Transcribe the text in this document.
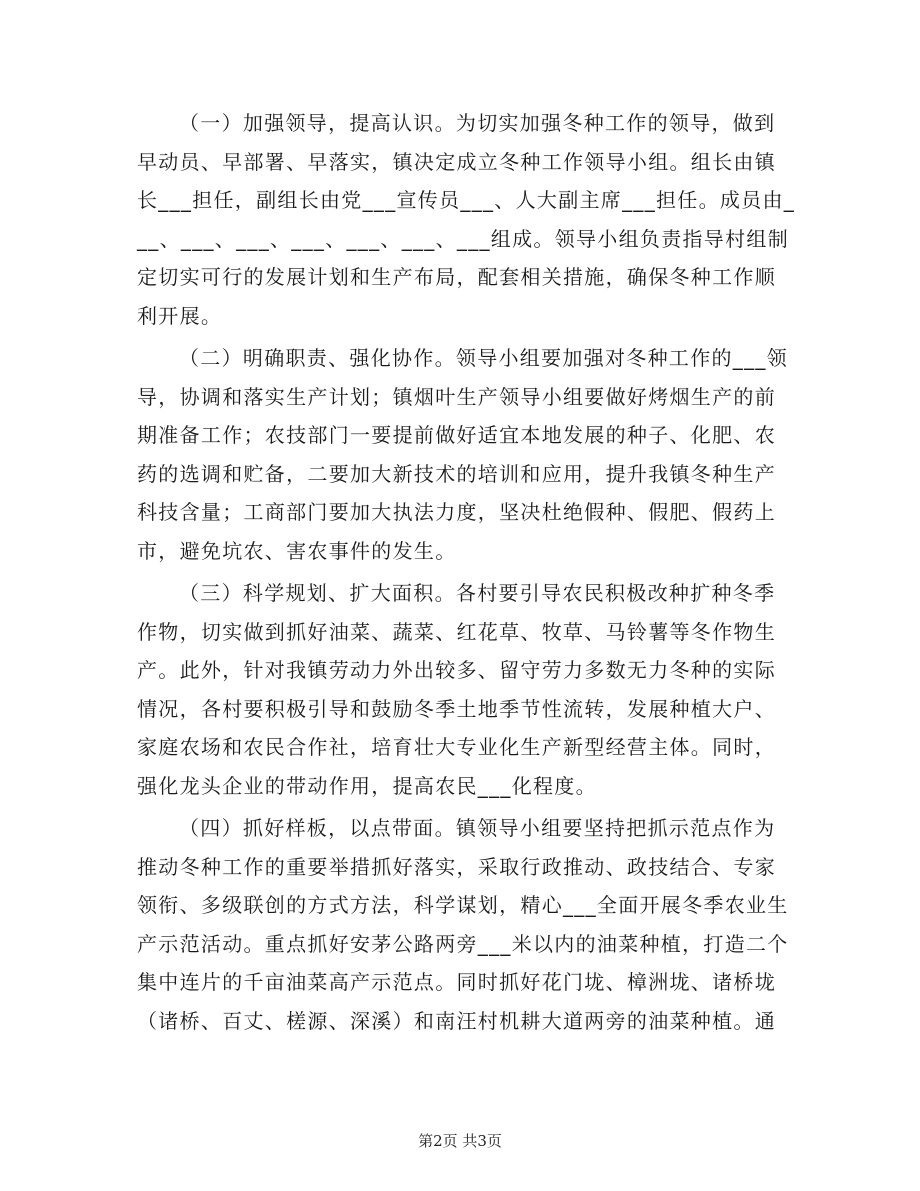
（一）加强领导，提高认识。为切实加强冬种工作的领导，做到
早动员、早部署、早落实，镇决定成立冬种工作领导小组。组长由镇
长___担任，副组长由党___宣传员___、人大副主席___担任。成员由_
__、___、___、___、___、___、___组成。领导小组负责指导村组制
定切实可行的发展计划和生产布局，配套相关措施，确保冬种工作顺
利开展。
（二）明确职责、强化协作。领导小组要加强对冬种工作的___领
导，协调和落实生产计划；镇烟叶生产领导小组要做好烤烟生产的前
期准备工作；农技部门一要提前做好适宜本地发展的种子、化肥、农
药的选调和贮备，二要加大新技术的培训和应用，提升我镇冬种生产
科技含量；工商部门要加大执法力度，坚决杜绝假种、假肥、假药上
市，避免坑农、害农事件的发生。
（三）科学规划、扩大面积。各村要引导农民积极改种扩种冬季
作物，切实做到抓好油菜、蔬菜、红花草、牧草、马铃薯等冬作物生
产。此外，针对我镇劳动力外出较多、留守劳力多数无力冬种的实际
情况，各村要积极引导和鼓励冬季土地季节性流转，发展种植大户、
家庭农场和农民合作社，培育壮大专业化生产新型经营主体。同时，
强化龙头企业的带动作用，提高农民___化程度。
（四）抓好样板，以点带面。镇领导小组要坚持把抓示范点作为
推动冬种工作的重要举措抓好落实，采取行政推动、政技结合、专家
领衔、多级联创的方式方法，科学谋划，精心___全面开展冬季农业生
产示范活动。重点抓好安茅公路两旁___米以内的油菜种植，打造二个
集中连片的千亩油菜高产示范点。同时抓好花门垅、樟洲垅、诸桥垅
（诸桥、百丈、槎源、深溪）和南汪村机耕大道两旁的油菜种植。通
第2页 共3页
